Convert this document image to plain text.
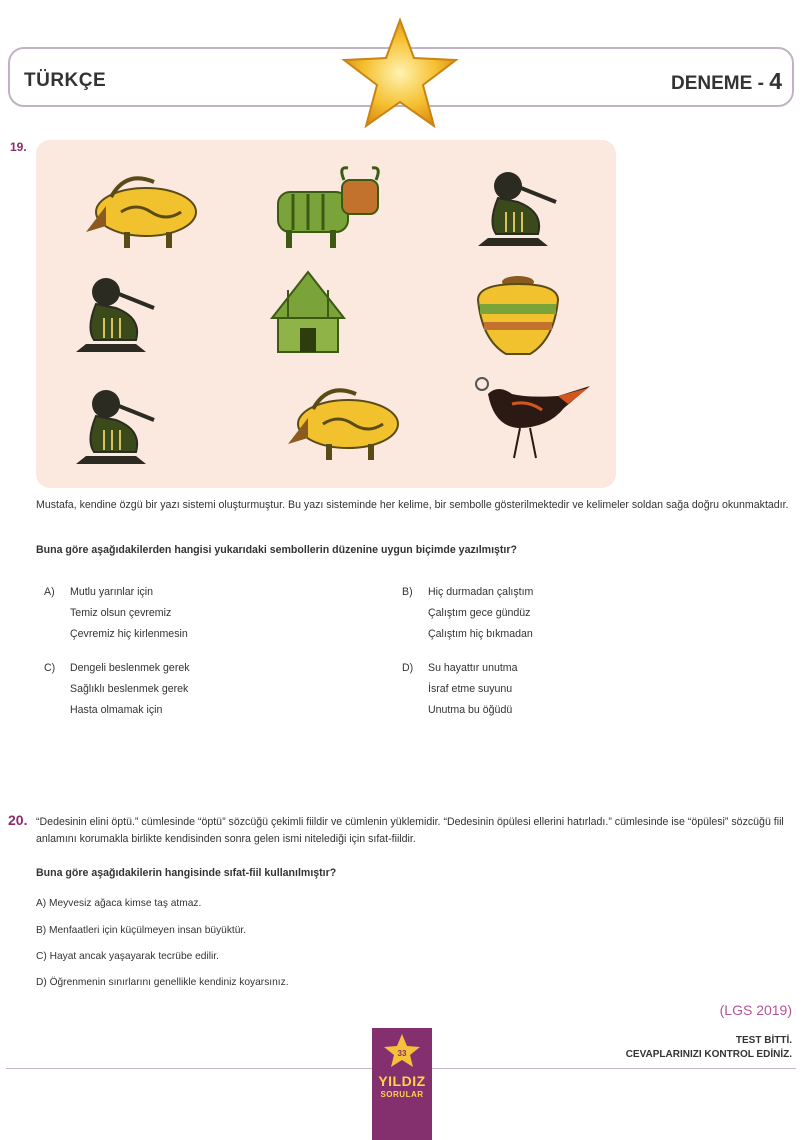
TÜRKÇE	DENEME - 4
19.
Mustafa, kendine özgü bir yazı sistemi oluşturmuştur. Bu yazı sisteminde her kelime, bir sembolle gösterilmektedir ve kelimeler soldan sağa doğru okunmaktadır.
Buna göre aşağıdakilerden hangisi yukarıdaki sembollerin düzenine uygun biçimde yazılmıştır?
A) Mutlu yarınlar için
Temiz olsun çevremiz
Çevremiz hiç kirlenmesin
B) Hiç durmadan çalıştım
Çalıştım gece gündüz
Çalıştım hiç bıkmadan
C) Dengeli beslenmek gerek
Sağlıklı beslenmek gerek
Hasta olmamak için
D) Su hayattır unutma
İsraf etme suyunu
Unutma bu öğüdü
20. “Dedesinin elini öptü.” cümlesinde “öptü” sözcüğü çekimli fiildir ve cümlenin yüklemidir. “Dedesinin öpülesi ellerini hatırladı.” cümlesinde ise “öpülesi” sözcüğü fiil anlamını korumakla birlikte kendisinden sonra gelen ismi nitelediği için sıfat-fiildir.
Buna göre aşağıdakilerin hangisinde sıfat-fiil kullanılmıştır?
A) Meyvesiz ağaca kimse taş atmaz.
B) Menfaatleri için küçülmeyen insan büyüktür.
C) Hayat ancak yaşayarak tecrübe edilir.
D) Öğrenmenin sınırlarını genellikle kendiniz koyarsınız.
(LGS 2019)
TEST BİTTİ.
CEVAPLARINIZI KONTROL EDİNİZ.
33
YILDIZ
SORULAR
